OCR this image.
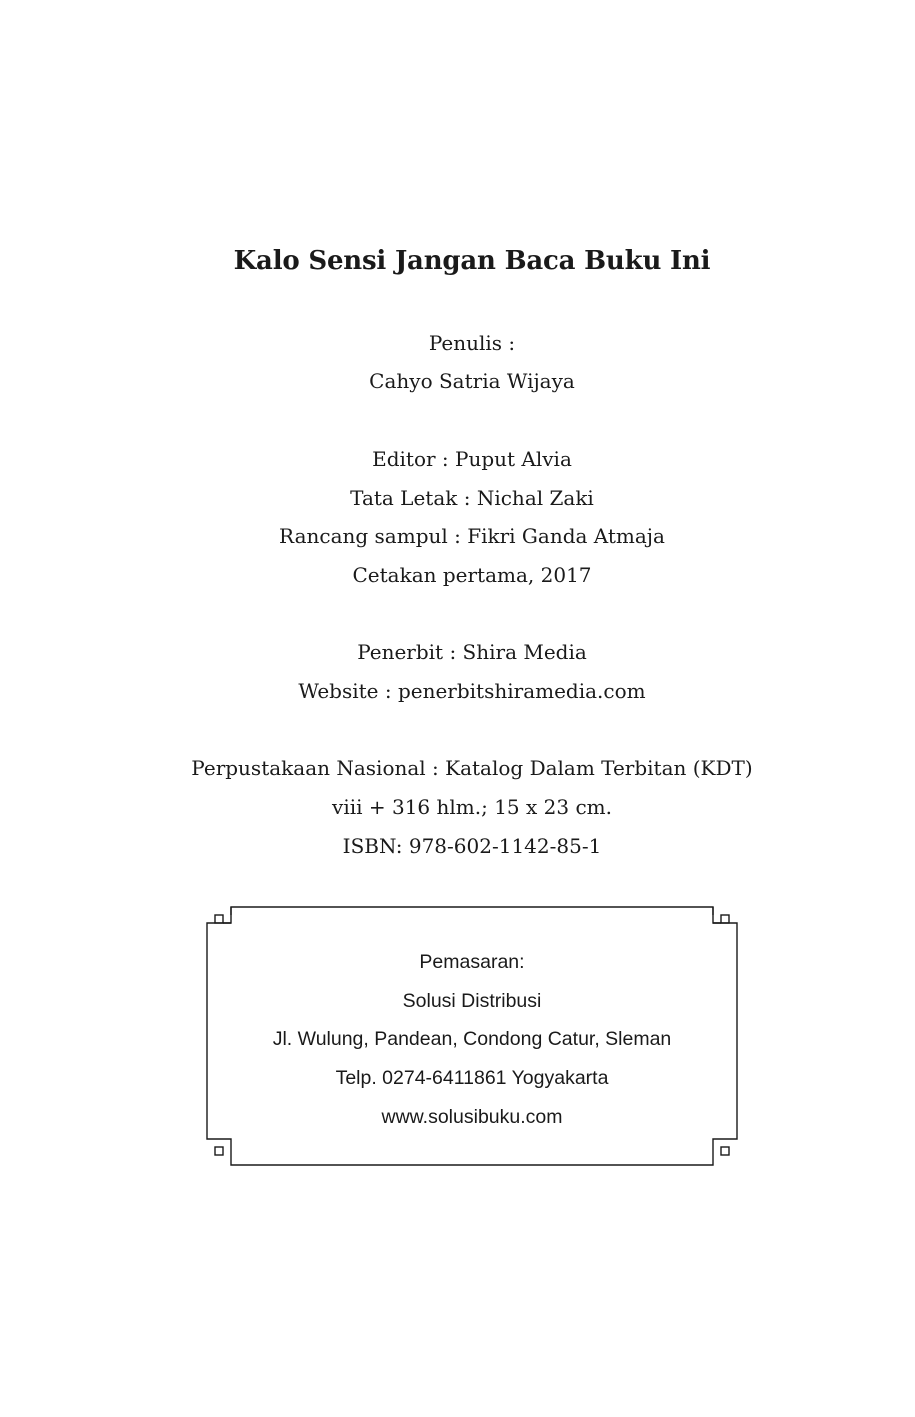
Kalo Sensi Jangan Baca Buku Ini
Penulis :
Cahyo Satria Wijaya
Editor : Puput Alvia
Tata Letak : Nichal Zaki
Rancang sampul : Fikri Ganda Atmaja
Cetakan pertama, 2017
Penerbit : Shira Media
Website : penerbitshiramedia.com
Perpustakaan Nasional : Katalog Dalam Terbitan (KDT)
viii + 316 hlm.; 15 x 23 cm.
ISBN: 978-602-1142-85-1
Pemasaran:
Solusi Distribusi
Jl. Wulung, Pandean, Condong Catur, Sleman
Telp. 0274-6411861 Yogyakarta
www.solusibuku.com
